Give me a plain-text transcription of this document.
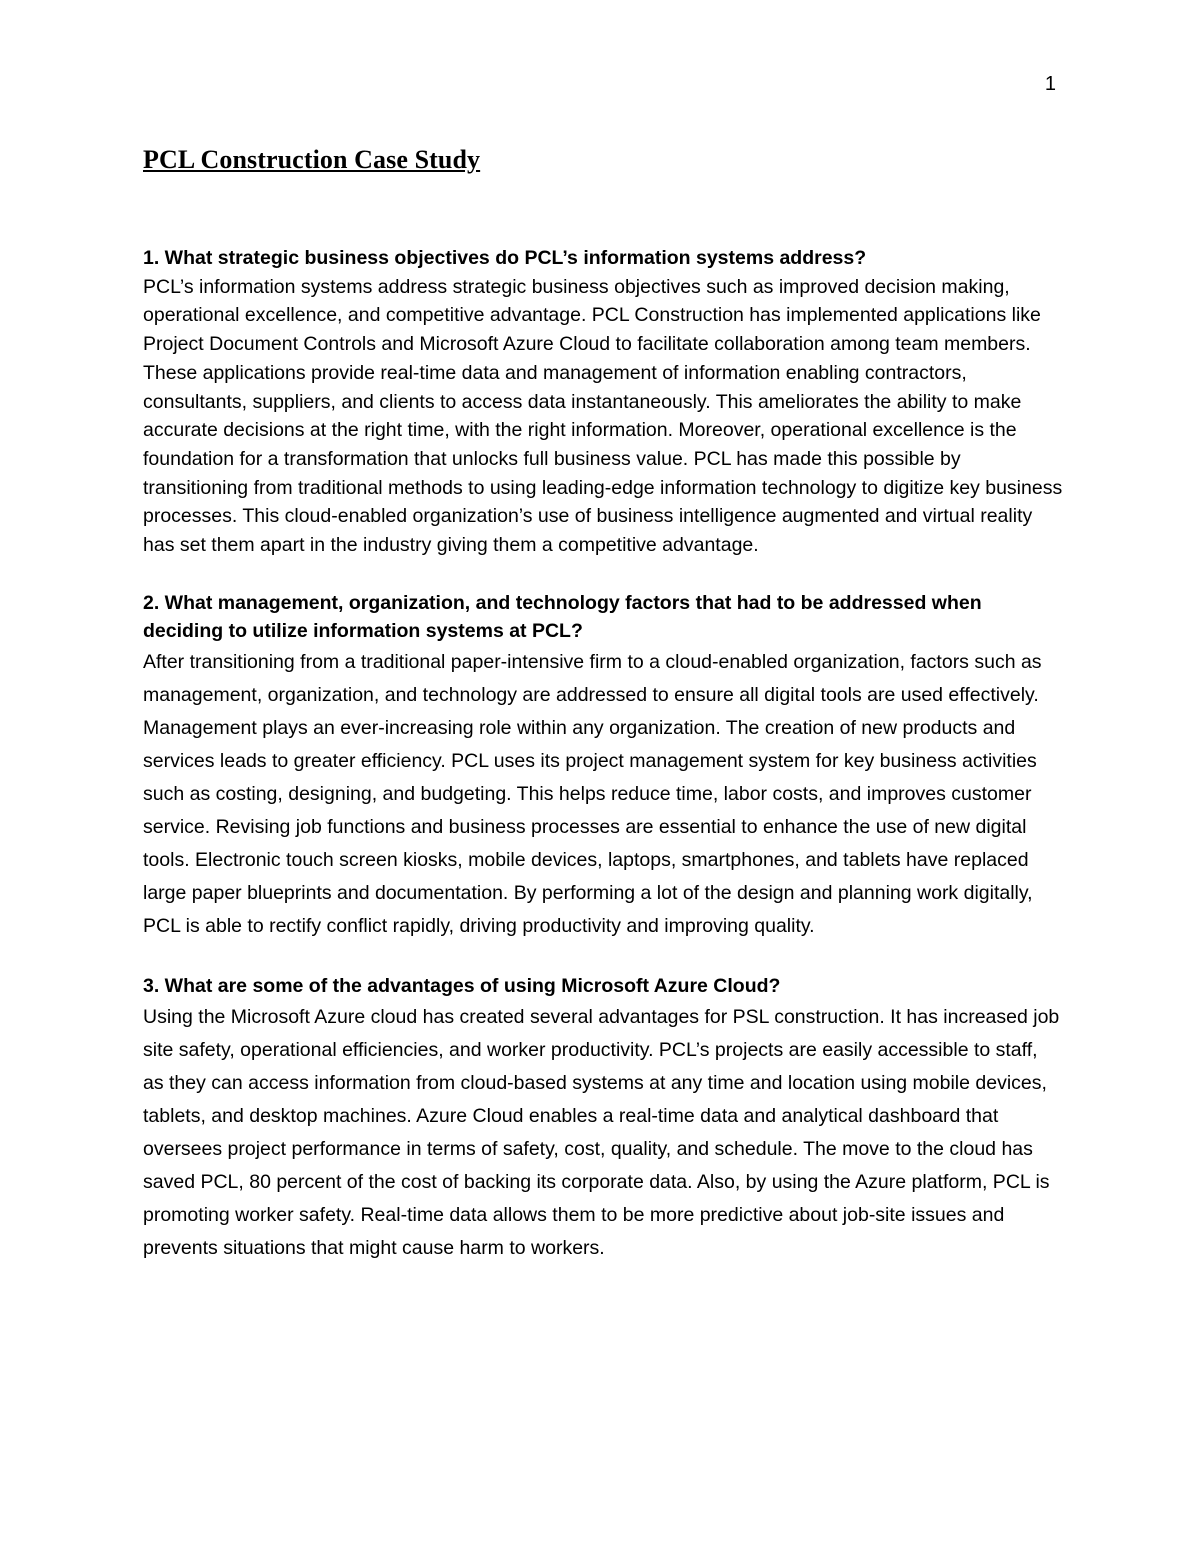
1
PCL Construction Case Study

1. What strategic business objectives do PCL’s information systems address?

PCL’s information systems address strategic business objectives such as improved decision making, operational excellence, and competitive advantage. PCL Construction has implemented applications like Project Document Controls and Microsoft Azure Cloud to facilitate collaboration among team members. These applications provide real-time data and management of information enabling contractors, consultants, suppliers, and clients to access data instantaneously. This ameliorates the ability to make accurate decisions at the right time, with the right information. Moreover, operational excellence is the foundation for a transformation that unlocks full business value. PCL has made this possible by transitioning from traditional methods to using leading-edge information technology to digitize key business processes. This cloud-enabled organization’s use of business intelligence augmented and virtual reality has set them apart in the industry giving them a competitive advantage.

2. What management, organization, and technology factors that had to be addressed when deciding to utilize information systems at PCL?

After transitioning from a traditional paper-intensive firm to a cloud-enabled organization, factors such as management, organization, and technology are addressed to ensure all digital tools are used effectively. Management plays an ever-increasing role within any organization. The creation of new products and services leads to greater efficiency. PCL uses its project management system for key business activities such as costing, designing, and budgeting. This helps reduce time, labor costs, and improves customer service. Revising job functions and business processes are essential to enhance the use of new digital tools. Electronic touch screen kiosks, mobile devices, laptops, smartphones, and tablets have replaced large paper blueprints and documentation. By performing a lot of the design and planning work digitally, PCL is able to rectify conflict rapidly, driving productivity and improving quality.

3. What are some of the advantages of using Microsoft Azure Cloud?

Using the Microsoft Azure cloud has created several advantages for PSL construction. It has increased job site safety, operational efficiencies, and worker productivity. PCL’s projects are easily accessible to staff, as they can access information from cloud-based systems at any time and location using mobile devices, tablets, and desktop machines. Azure Cloud enables a real-time data and analytical dashboard that oversees project performance in terms of safety, cost, quality, and schedule. The move to the cloud has saved PCL, 80 percent of the cost of backing its corporate data. Also, by using the Azure platform, PCL is promoting worker safety. Real-time data allows them to be more predictive about job-site issues and prevents situations that might cause harm to workers.
